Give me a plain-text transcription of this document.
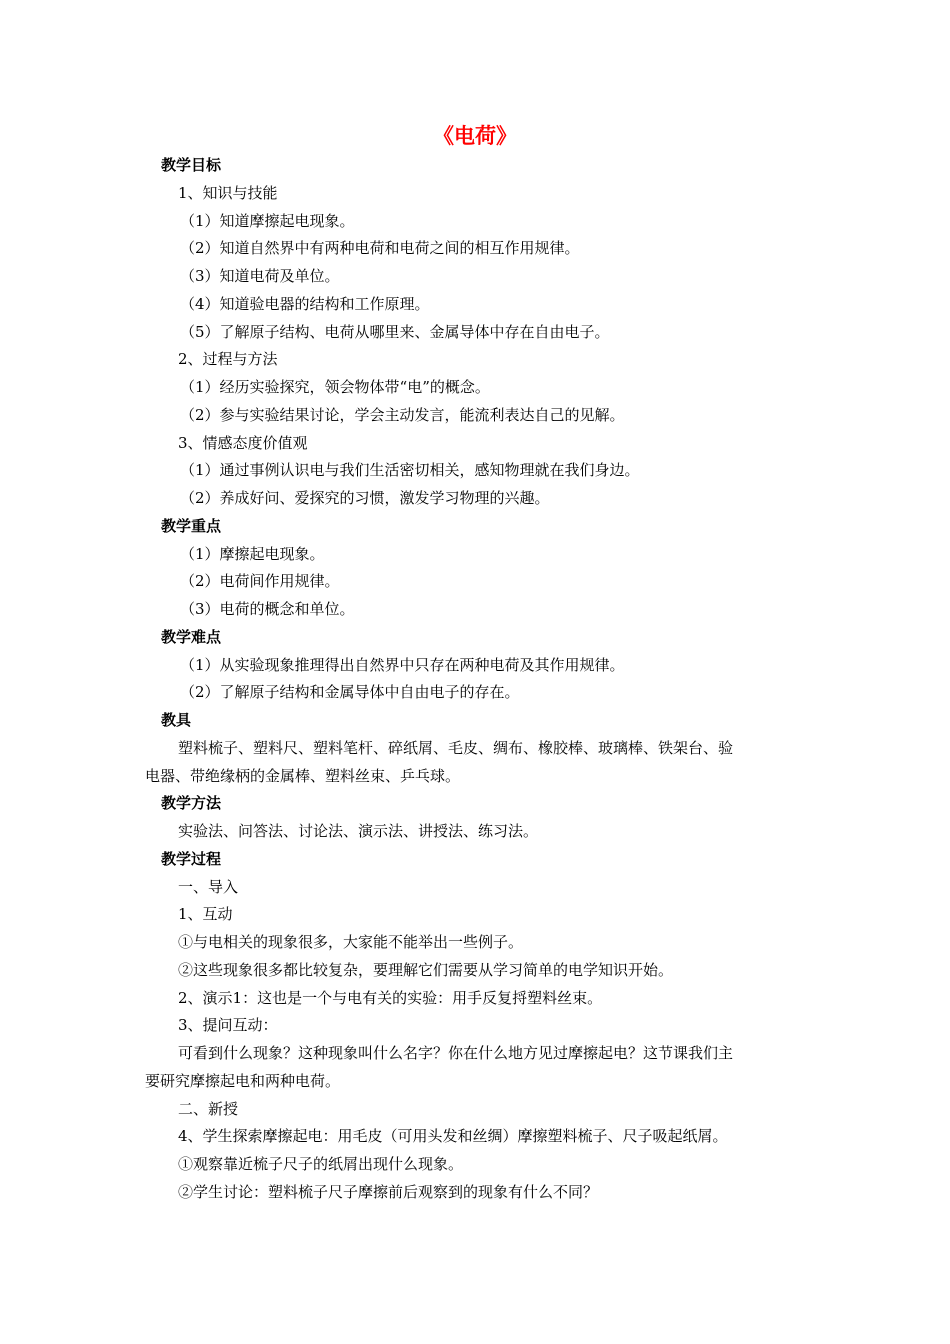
《电荷》
教学目标
1、知识与技能
（1）知道摩擦起电现象。
（2）知道自然界中有两种电荷和电荷之间的相互作用规律。
（3）知道电荷及单位。
（4）知道验电器的结构和工作原理。
（5）了解原子结构、电荷从哪里来、金属导体中存在自由电子。
2、过程与方法
（1）经历实验探究，领会物体带“电”的概念。
（2）参与实验结果讨论，学会主动发言，能流利表达自己的见解。
3、情感态度价值观
（1）通过事例认识电与我们生活密切相关，感知物理就在我们身边。
（2）养成好问、爱探究的习惯，激发学习物理的兴趣。
教学重点
（1）摩擦起电现象。
（2）电荷间作用规律。
（3）电荷的概念和单位。
教学难点
（1）从实验现象推理得出自然界中只存在两种电荷及其作用规律。
（2）了解原子结构和金属导体中自由电子的存在。
教具
塑料梳子、塑料尺、塑料笔杆、碎纸屑、毛皮、绸布、橡胶棒、玻璃棒、铁架台、验
电器、带绝缘柄的金属棒、塑料丝束、乒乓球。
教学方法
实验法、问答法、讨论法、演示法、讲授法、练习法。
教学过程
一、导入
1、互动
①与电相关的现象很多，大家能不能举出一些例子。
②这些现象很多都比较复杂，要理解它们需要从学习简单的电学知识开始。
2、演示1：这也是一个与电有关的实验：用手反复捋塑料丝束。
3、提问互动：
可看到什么现象？这种现象叫什么名字？你在什么地方见过摩擦起电？这节课我们主
要研究摩擦起电和两种电荷。
二、新授
4、学生探索摩擦起电：用毛皮（可用头发和丝绸）摩擦塑料梳子、尺子吸起纸屑。
①观察靠近梳子尺子的纸屑出现什么现象。
②学生讨论：塑料梳子尺子摩擦前后观察到的现象有什么不同？
